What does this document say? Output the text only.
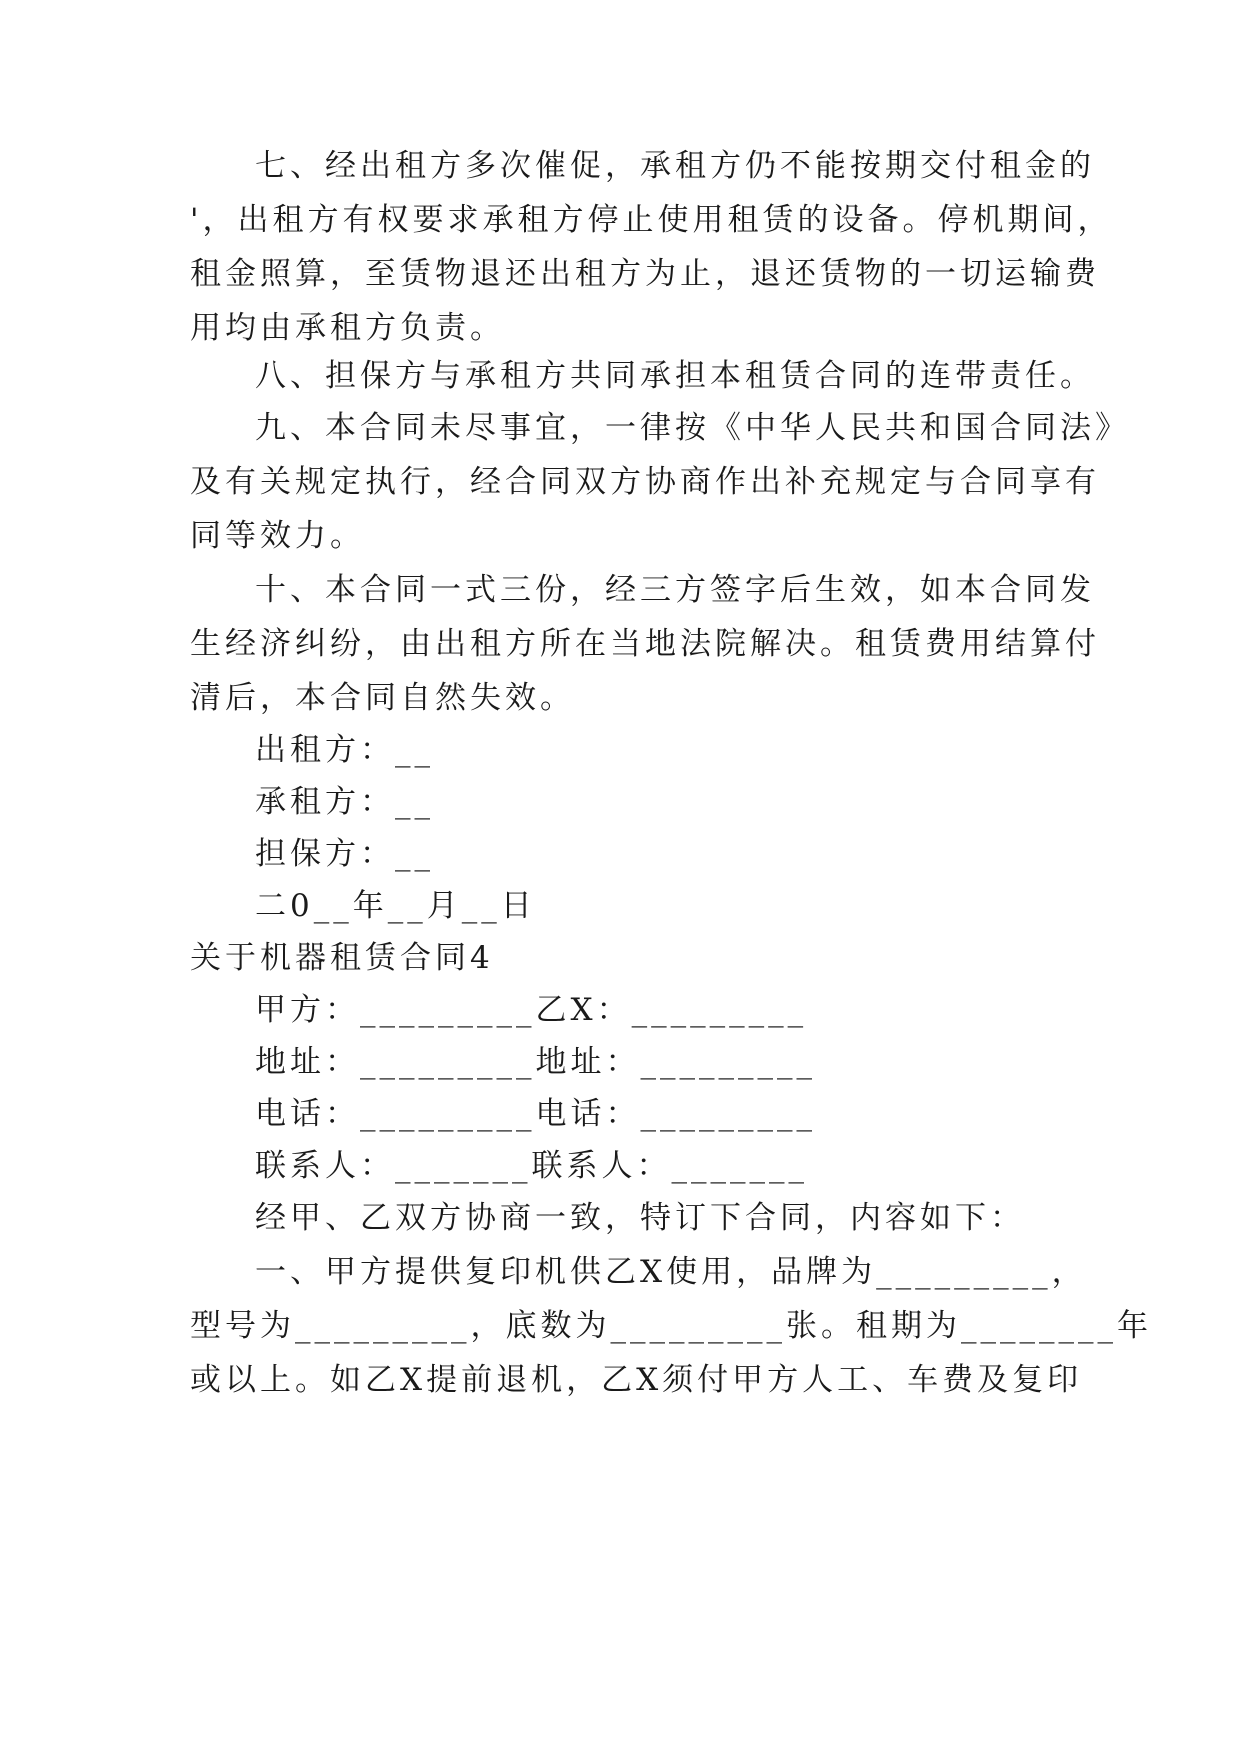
七、经出租方多次催促，承租方仍不能按期交付租金的
'，出租方有权要求承租方停止使用租赁的设备。停机期间，
租金照算，至赁物退还出租方为止，退还赁物的一切运输费
用均由承租方负责。
八、担保方与承租方共同承担本租赁合同的连带责任。
九、本合同未尽事宜，一律按《中华人民共和国合同法》
及有关规定执行，经合同双方协商作出补充规定与合同享有
同等效力。
十、本合同一式三份，经三方签字后生效，如本合同发
生经济纠纷，由出租方所在当地法院解决。租赁费用结算付
清后，本合同自然失效。
出租方：__
承租方：__
担保方：__
二0__年__月__日
关于机器租赁合同4
甲方：_________乙X：_________
地址：_________地址：_________
电话：_________电话：_________
联系人：_______联系人：_______
经甲、乙双方协商一致，特订下合同，内容如下：
一、甲方提供复印机供乙X使用，品牌为_________，
型号为_________，底数为_________张。租期为________年
或以上。如乙X提前退机，乙X须付甲方人工、车费及复印
